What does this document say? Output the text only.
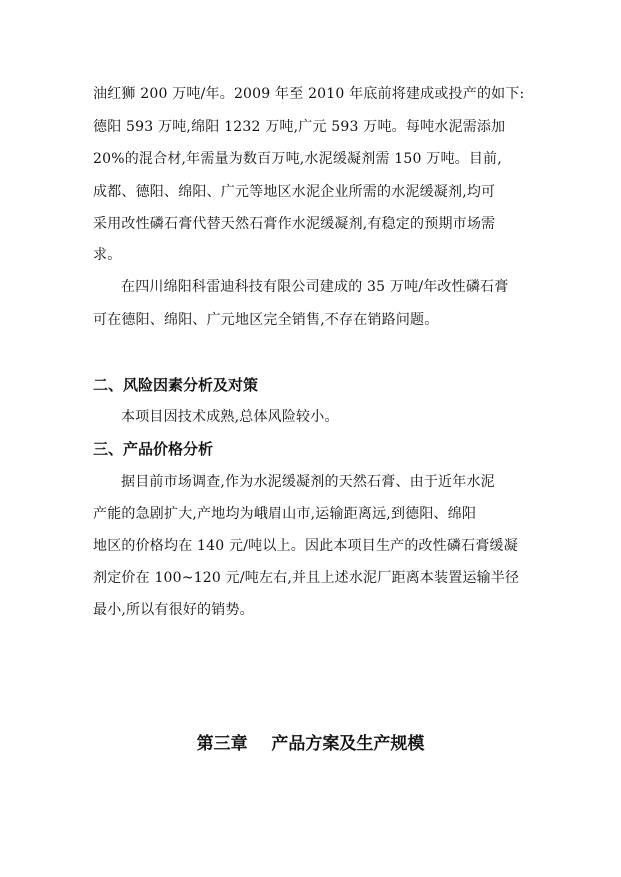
油红狮 200 万吨/年。2009 年至 2010 年底前将建成或投产的如下:
德阳 593 万吨,绵阳 1232 万吨,广元 593 万吨。每吨水泥需添加
20%的混合材,年需量为数百万吨,水泥缓凝剂需 150 万吨。目前,
成都、德阳、绵阳、广元等地区水泥企业所需的水泥缓凝剂,均可
采用改性磷石膏代替天然石膏作水泥缓凝剂,有稳定的预期市场需
求。
在四川绵阳科雷迪科技有限公司建成的 35 万吨/年改性磷石膏
可在德阳、绵阳、广元地区完全销售,不存在销路问题。
二、风险因素分析及对策
本项目因技术成熟,总体风险较小。
三、产品价格分析
据目前市场调查,作为水泥缓凝剂的天然石膏、由于近年水泥
产能的急剧扩大,产地均为峨眉山市,运输距离远,到德阳、绵阳
地区的价格均在 140 元/吨以上。因此本项目生产的改性磷石膏缓凝
剂定价在 100~120 元/吨左右,并且上述水泥厂距离本装置运输半径
最小,所以有很好的销势。
第三章    产品方案及生产规模
